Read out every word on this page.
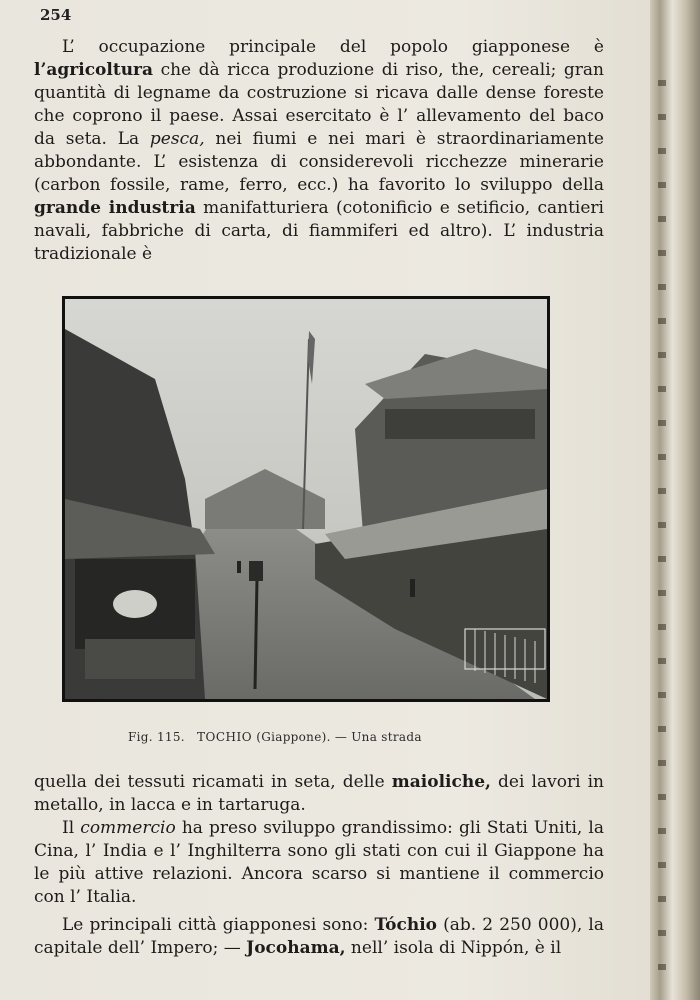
254

L’ occupazione principale del popolo giapponese è l’agricoltura che dà ricca produzione di riso, the, cereali; gran quantità di legname da costruzione si ricava dalle dense foreste che coprono il paese. Assai esercitato è l’ allevamento del baco da seta. La pesca, nei fiumi e nei mari è straordinariamente abbondante. L’ esistenza di considerevoli ricchezze minerarie (carbon fossile, rame, ferro, ecc.) ha favorito lo sviluppo della grande industria manifatturiera (cotonificio e setificio, cantieri navali, fabbriche di carta, di fiammiferi ed altro). L’ industria tradizionale è

Fig. 115. TOCHIO (Giappone). — Una strada

quella dei tessuti ricamati in seta, delle maioliche, dei lavori in metallo, in lacca e in tartaruga.

Il commercio ha preso sviluppo grandissimo: gli Stati Uniti, la Cina, l’ India e l’ Inghilterra sono gli stati con cui il Giappone ha le più attive relazioni. Ancora scarso si mantiene il commercio con l’ Italia.

Le principali città giapponesi sono: Tóchio (ab. 2 250 000), la capitale dell’ Impero; — Jocohama, nell’ isola di Nippón, è il
